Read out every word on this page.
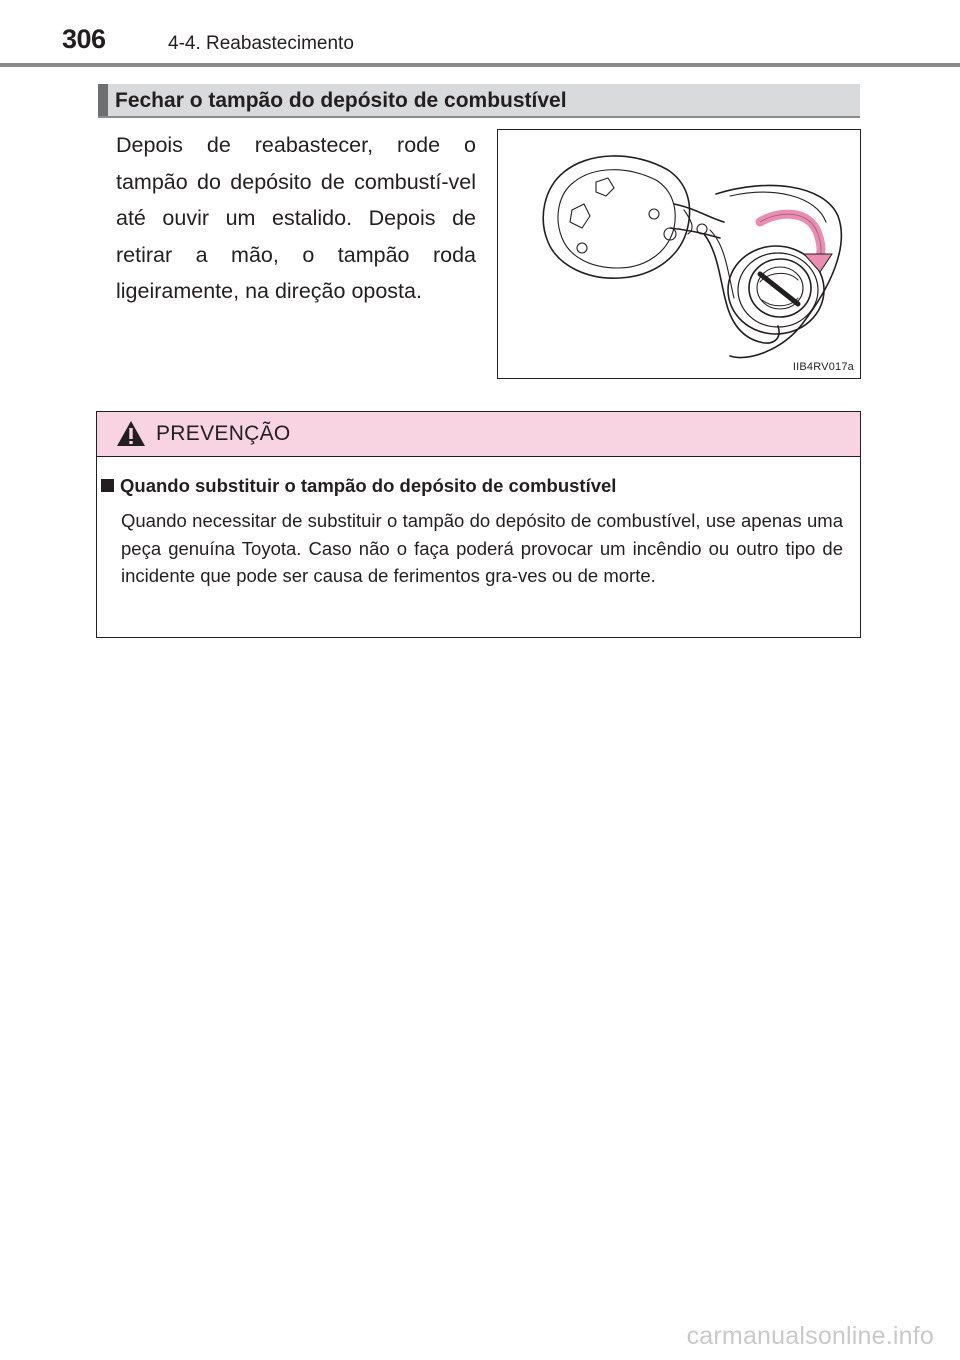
306	4-4. Reabastecimento
Fechar o tampão do depósito de combustível

Depois de reabastecer, rode o tampão do depósito de combustí-vel até ouvir um estalido. Depois de retirar a mão, o tampão roda ligeiramente, na direção oposta.

IIB4RV017a
PREVENÇÃO
Quando substituir o tampão do depósito de combustível

Quando necessitar de substituir o tampão do depósito de combustível, use apenas uma peça genuína Toyota. Caso não o faça poderá provocar um incêndio ou outro tipo de incidente que pode ser causa de ferimentos gra-ves ou de morte.

carmanualsonline.info
